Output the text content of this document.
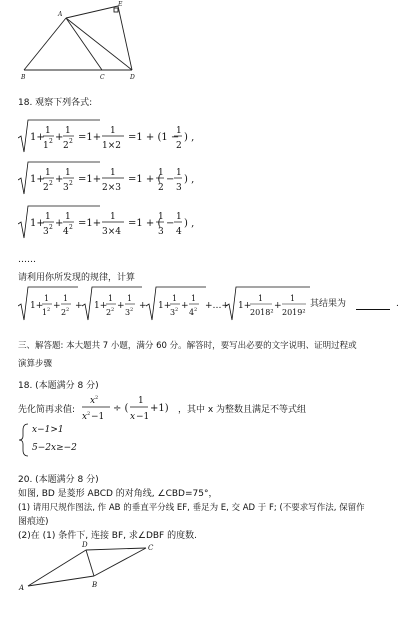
A
E
B	C	D
18. 观察下列各式:
1+
1
1 2 +
1
2 2 =1+
1
1×2
=1 + (1 −
1
2
) ,
1+
1
2 2 +
1
3 2 =1+
1
2×3
=1 + (
1
2
−
1
3
) ,
1+
1
3 2 +
1
4 2 =1+
1
3×4
=1 + (
1
3
−
1
4
) ,
……
请利用你所发现的规律，计算
1+
1
1 2 +
1
2 2 + 1+
1
2 2 +
1
3 2 + 1+
1
3 2 +
1
4 2 +…+ 1+
1
2018²
+
1
2019²
其结果为	.
三、解答题: 本大题共 7 小题，满分 60 分。解答时，要写出必要的文字说明、证明过程或
演算步骤
18. (本题满分 8 分)
先化简再求值:
x 2
x 2 −1
÷ (
1
x −1
+1) ，其中 x 为整数且满足不等式组
x−1>1
5−2x≥−2
20. (本题满分 8 分)
如图, BD 是菱形 ABCD 的对角线, ∠CBD=75°，
(1) 请用尺规作图法, 作 AB 的垂直平分线 EF, 垂足为 E, 交 AD 于 F; (不要求写作法, 保留作
图痕迹)
(2)在 (1) 条件下, 连接 BF, 求∠DBF 的度数.
D	C
A	B
